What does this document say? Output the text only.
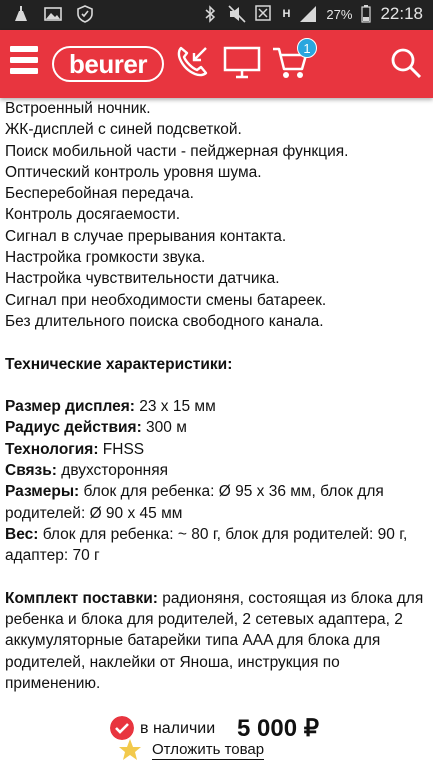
H	27% 22:18
beurer
1
Встроенный ночник.
ЖК-дисплей с синей подсветкой.
Поиск мобильной части - пейджерная функция.
Оптический контроль уровня шума.
Бесперебойная передача.
Контроль досягаемости.
Сигнал в случае прерывания контакта.
Настройка громкости звука.
Настройка чувствительности датчика.
Сигнал при необходимости смены батареек.
Без длительного поиска свободного канала.
Технические характеристики:
Размер дисплея: 23 x 15 мм
Радиус действия: 300 м
Технология: FHSS
Связь: двухсторонняя
Размеры: блок для ребенка: Ø 95 x 36 мм, блок для
родителей: Ø 90 x 45 мм
Вес: блок для ребенка: ~ 80 г, блок для родителей: 90 г,
адаптер: 70 г
Комплект поставки: радионяня, состоящая из блока для
ребенка и блока для родителей, 2 сетевых адаптера, 2
аккумуляторные батарейки типа AAA для блока для
родителей, наклейки от Яноша, инструкция по
применению.
в наличии 5 000 ₽
Отложить товар
